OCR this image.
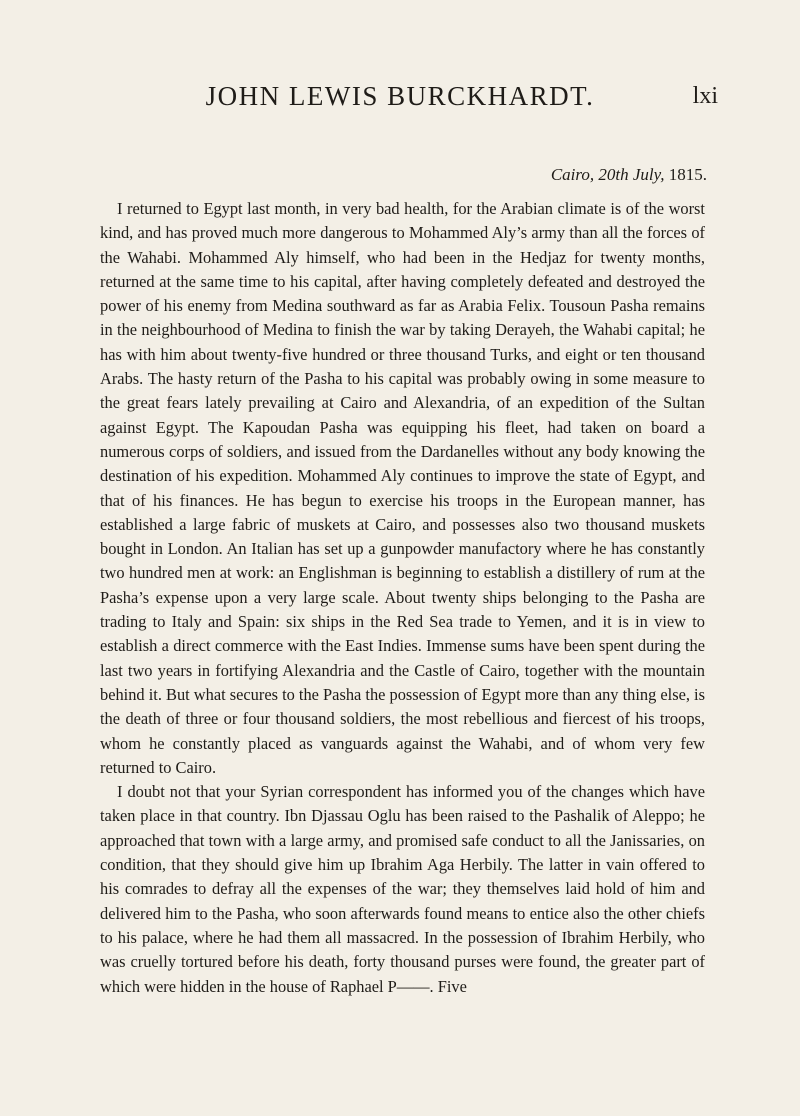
JOHN LEWIS BURCKHARDT.	lxi
Cairo, 20th July, 1815.

I returned to Egypt last month, in very bad health, for the Arabian climate is of the worst kind, and has proved much more dangerous to Mohammed Aly’s army than all the forces of the Wahabi. Mohammed Aly himself, who had been in the Hedjaz for twenty months, returned at the same time to his capital, after having completely defeated and destroyed the power of his enemy from Medina southward as far as Arabia Felix. Tousoun Pasha remains in the neighbourhood of Medina to finish the war by taking Derayeh, the Wahabi capital; he has with him about twenty-five hundred or three thousand Turks, and eight or ten thousand Arabs. The hasty return of the Pasha to his capital was probably owing in some measure to the great fears lately prevailing at Cairo and Alexandria, of an expedition of the Sultan against Egypt. The Kapoudan Pasha was equipping his fleet, had taken on board a numerous corps of soldiers, and issued from the Dardanelles without any body knowing the destination of his expedition. Mohammed Aly continues to improve the state of Egypt, and that of his finances. He has begun to exercise his troops in the European manner, has established a large fabric of muskets at Cairo, and possesses also two thousand muskets bought in London. An Italian has set up a gunpowder manufactory where he has constantly two hundred men at work: an Englishman is beginning to establish a distillery of rum at the Pasha’s expense upon a very large scale. About twenty ships belonging to the Pasha are trading to Italy and Spain: six ships in the Red Sea trade to Yemen, and it is in view to establish a direct commerce with the East Indies. Immense sums have been spent during the last two years in fortifying Alexandria and the Castle of Cairo, together with the mountain behind it. But what secures to the Pasha the possession of Egypt more than any thing else, is the death of three or four thousand soldiers, the most rebellious and fiercest of his troops, whom he constantly placed as vanguards against the Wahabi, and of whom very few returned to Cairo.

I doubt not that your Syrian correspondent has informed you of the changes which have taken place in that country. Ibn Djassau Oglu has been raised to the Pashalik of Aleppo; he approached that town with a large army, and promised safe conduct to all the Janissaries, on condition, that they should give him up Ibrahim Aga Herbily. The latter in vain offered to his comrades to defray all the expenses of the war; they themselves laid hold of him and delivered him to the Pasha, who soon afterwards found means to entice also the other chiefs to his palace, where he had them all massacred. In the possession of Ibrahim Herbily, who was cruelly tortured before his death, forty thousand purses were found, the greater part of which were hidden in the house of Raphael P——. Five
